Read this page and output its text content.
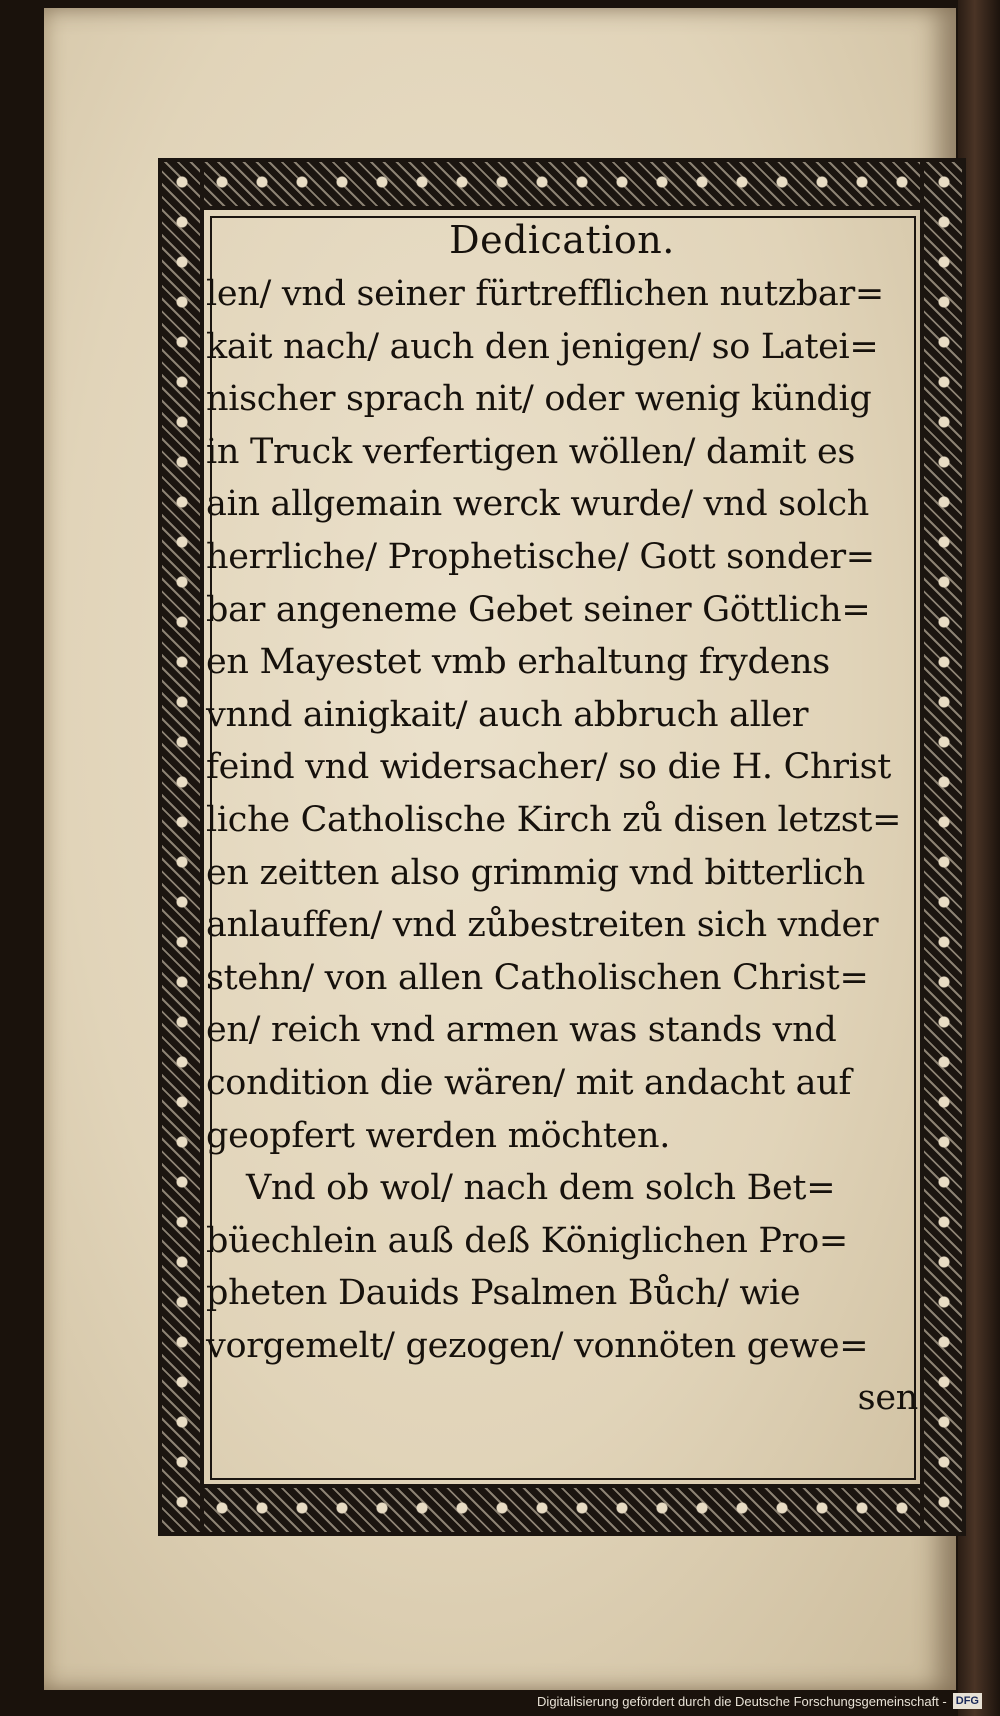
Dedication.
len/ vnd seiner fürtrefflichen nutzbar=
kait nach/ auch den jenigen/ so Latei=
nischer sprach nit/ oder wenig kündig
in Truck verfertigen wöllen/ damit es
ain allgemain werck wurde/ vnd solch
herrliche/ Prophetische/ Gott sonder=
bar angeneme Gebet seiner Göttlich=
en Mayestet vmb erhaltung frydens
vnnd ainigkait/ auch abbruch aller
feind vnd widersacher/ so die H. Christ
liche Catholische Kirch zů disen letzst=
en zeitten also grimmig vnd bitterlich
anlauffen/ vnd zůbestreiten sich vnder
stehn/ von allen Catholischen Christ=
en/ reich vnd armen was stands vnd
condition die wären/ mit andacht auf
geopfert werden möchten.
Vnd ob wol/ nach dem solch Bet=
büechlein auß deß Königlichen Pro=
pheten Dauids Psalmen Bůch/ wie
vorgemelt/ gezogen/ vonnöten gewe=
sen
Digitalisierung gefördert durch die Deutsche Forschungsgemeinschaft - DFG
